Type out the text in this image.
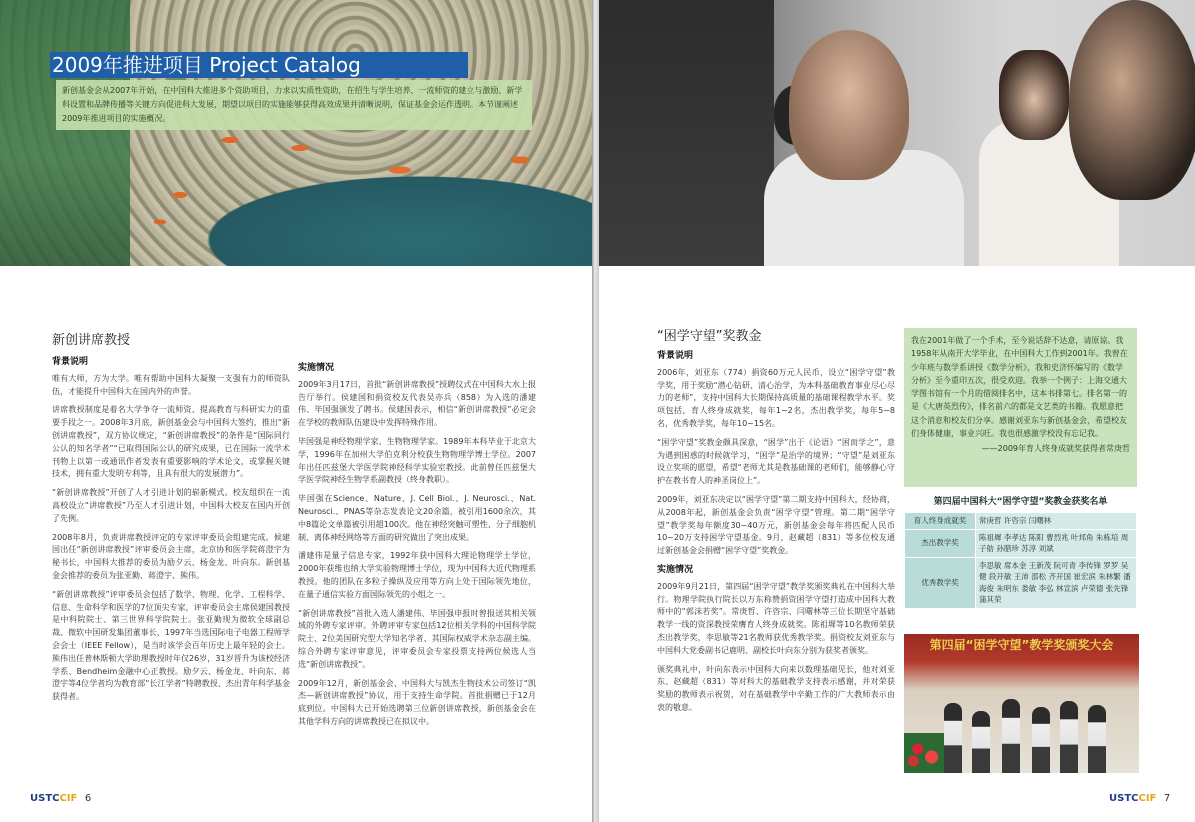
2009年推进项目 Project Catalog
新创基金会从2007年开始，在中国科大推进多个资助项目，力求以实质性资助，在招生与学生培养、一流师资的建立与激励、新学科设置和品牌传播等关键方向促进科大发展，期望以项目的实施能够获得高效成果并清晰说明，保证基金会运作透明。本节谨阐述2009年推进项目的实施概况。
新创讲席教授
背景说明

唯有大师，方为大学。唯有帮助中国科大凝聚一支强有力的师资队伍，才能提升中国科大在国内外的声誉。

讲席教授制度是着名大学争夺一流师资、提高教育与科研实力的重要手段之一。2008年3月底，新创基金会与中国科大签约，推出“新创讲席教授”，双方协议规定，“新创讲席教授”的条件是“国际同行公认的知名学者”“已取得国际公认的研究成果，已在国际一流学术刊物上以第一或通讯作者发表有重要影响的学术论文，或掌握关键技术，拥有重大发明专利等，且具有很大的发展潜力”。

“新创讲席教授”开创了人才引进计划的崭新模式。校友组织在一流高校设立“讲席教授”乃至人才引进计划，中国科大校友在国内开创了先例。

2008年8月，负责讲席教授评定的专家评审委员会组建完成。候建国出任“新创讲席教授”评审委员会主席，北京协和医学院蒋澄宇为秘书长，中国科大推荐的委员为励夕云、杨金龙、叶向东。新创基金会推荐的委员为张亚勤、蒋澄宇、熊伟。

“新创讲席教授”评审委员会包括了数学、物理、化学、工程科学、信息、生命科学和医学的7位顶尖专家，评审委员会主席侯建国教授是中科院院士、第三世界科学院院士。张亚勤现为微软全球副总裁、微软中国研发集团董事长，1997年当选国际电子电器工程师学会会士（IEEE Fellow），是当时该学会百年历史上最年轻的会士。熊伟出任普林斯顿大学助理教授时年仅26岁，31岁晋升为该校经济学系、Bendheim金融中心正教授。励夕云、杨金龙、叶向东、蒋澄宇等4位学者均为教育部“长江学者”特聘教授、杰出青年科学基金获得者。

实施情况

2009年3月17日，首批“新创讲席教授”授聘仪式在中国科大水上报告厅举行。侯建国和捐资校友代表吴亦兵（858）为入选的潘建伟、毕国强颁发了聘书。侯建国表示，相信“新创讲席教授”必定会在学校的教师队伍建设中发挥特殊作用。

毕国强是神经物理学家、生物物理学家。1989年本科毕业于北京大学，1996年在加州大学伯克利分校获生物物理学博士学位。2007年出任匹兹堡大学医学院神经科学实验室教授。此前曾任匹兹堡大学医学院神经生物学系副教授（终身教职）。

毕国强在Science、Nature、J. Cell Biol.、J. Neurosci.、Nat. Neurosci.、PNAS等杂志发表论文20余篇，被引用1600余次，其中8篇论文单篇被引用超100次。他在神经突触可塑性、分子细胞机制、离体神经网络等方面的研究做出了突出成果。

潘建伟是量子信息专家，1992年获中国科大理论物理学士学位，2000年获维也纳大学实验物理博士学位，现为中国科大近代物理系教授。他的团队在多粒子操纵及应用等方向上处于国际领先地位，在量子通信实验方面国际领先的小组之一。

“新创讲席教授”首批入选人潘建伟、毕国强申报时曾报送其相关领域的外聘专家评审。外聘评审专家包括12位相关学科的中国科学院院士、2位美国研究型大学知名学者、其国际权威学术杂志副主编。综合外聘专家评审意见，评审委员会专家投票支持两位候选人当选“新创讲席教授”。

2009年12月，新创基金会、中国科大与凯杰生物技术公司签订“凯杰—新创讲席教授”协议，用于支持生命学院。首批捐赠已于12月底到位。中国科大已开始选聘第三位新创讲席教授，新创基金会在其他学科方向的讲席教授已在拟议中。

USTCCIF 6
“困学守望”奖教金
背景说明

2006年，刘亚东（774）捐资60万元人民币，设立“困学守望”教学奖，用于奖励“潜心钻研、清心治学，为本科基础教育事业尽心尽力的老师”，支持中国科大长期保持高质量的基础课程教学水平。奖项包括，育人终身成就奖，每年1~2名，杰出教学奖，每年5~8名，优秀教学奖，每年10~15名。

“困学守望”奖教金颇具深意，“困学”出于《论语》“困而学之”，意为遇到困惑的时候就学习，“困学”是治学的境界；“守望”是刘亚东设立奖项的愿望，希望“老师尤其是教基础课的老师们，能够静心守护在教书育人的神圣岗位上”。

2009年，刘亚东决定以“困学守望”第二期支持中国科大，经协商，从2008年起，新创基金会负责“困学守望”管理。第二期“困学守望”教学奖每年额度30~40万元，新创基金会每年将匹配人民币10~20万支持困学守望基金。9月，赵藏超（831）等多位校友通过新创基金会捐赠“困学守望”奖教金。

实施情况

2009年9月21日，第四届“困学守望”教学奖颁奖典礼在中国科大举行。物理学院执行院长以万东称赞捐资困学守望打造成中国科大教师中的“郭沫若奖”。常庚哲、许咨宗、闫曙林等三位长期坚守基础教学一线的资深教授荣膺育人终身成就奖。陈祖墀等10名教师荣获杰出教学奖，李思敏等21名教师获优秀教学奖。捐资校友刘亚东与中国科大党委副书记鹿明、副校长叶向东分别为获奖者颁奖。

颁奖典礼中，叶向东表示中国科大向来以数理基础见长，他对刘亚东、赵藏超（831）等对科大的基础教学支持表示感谢，并对荣获奖励的教师表示祝贺，对在基础教学中辛勤工作的广大教师表示由衷的敬意。

我在2001年做了一个手术，至今说话辞不达意，请原谅。我1958年从南开大学毕业，在中国科大工作到2001年。我曾在少年班与数学系讲授《数学分析》，我和史济怀编写的《数学分析》至今重印五次，很受欢迎。我举一个例子：上海交通大学图书馆有一个月的借阅排名中，这本书排第七。排名第一的是《大唐英烈传》，排名前六的都是文艺类的书籍。我愿意把这个消息和校友们分享。感谢刘亚东与新创基金会，希望校友们身体健康，事业兴旺。我也很感激学校没有忘记我。
——2009年育人终身成就奖获得者常庚哲
第四届中国科大“困学守望”奖教金获奖名单
育人终身成就奖	常庚哲 许咨宗 闫曙林
杰出教学奖	陈祖墀 李孝达 陈阳 曹烈兆 叶邦角 朱栋培 周子舫 孙腊珍 苏淳 刘斌
优秀教学奖	李思敏 席本金 王新茂 阮可青 李传锋 罗罗 吴健 段开敏 王沛 邵松 齐开国 崔宏滨 朱林繁 潘海俊 朱明东 娄敏 李弘 林宣滨 卢荣德 张先锋 蒲其荣
第四届“困学守望”教学奖颁奖大会
USTCCIF 7
